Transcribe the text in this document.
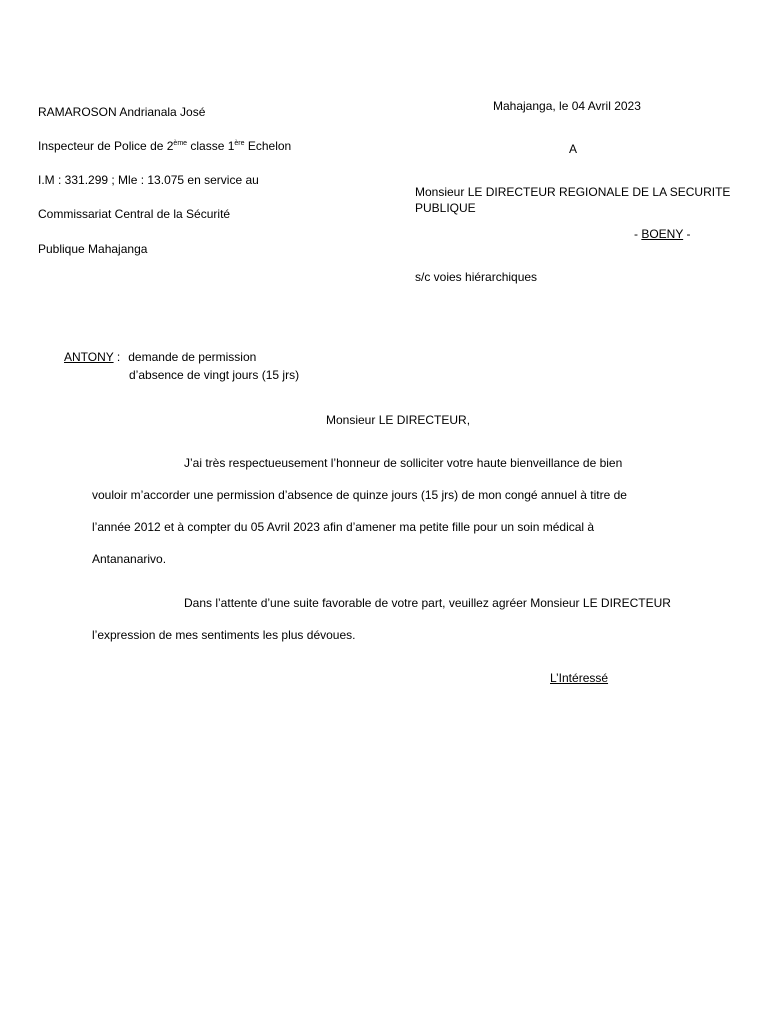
RAMAROSON Andrianala José
Inspecteur de Police de 2ème classe 1ère Echelon
I.M : 331.299 ; Mle : 13.075 en service au
Commissariat Central de la Sécurité
Publique Mahajanga
Mahajanga, le 04 Avril 2023
A
Monsieur LE DIRECTEUR REGIONALE DE LA SECURITE
PUBLIQUE
- BOENY -
s/c voies hiérarchiques
ANTONY : demande de permission
d’absence de vingt jours (15 jrs)
Monsieur LE DIRECTEUR,
J’ai très respectueusement l’honneur de solliciter votre haute bienveillance de bien
vouloir m’accorder une permission d’absence de quinze jours (15 jrs) de mon congé annuel à titre de
l’année 2012 et à compter du 05 Avril 2023 afin d’amener ma petite fille pour un soin médical à
Antananarivo.
Dans l’attente d’une suite favorable de votre part, veuillez agréer Monsieur LE DIRECTEUR
l’expression de mes sentiments les plus dévoues.
L’Intéressé
